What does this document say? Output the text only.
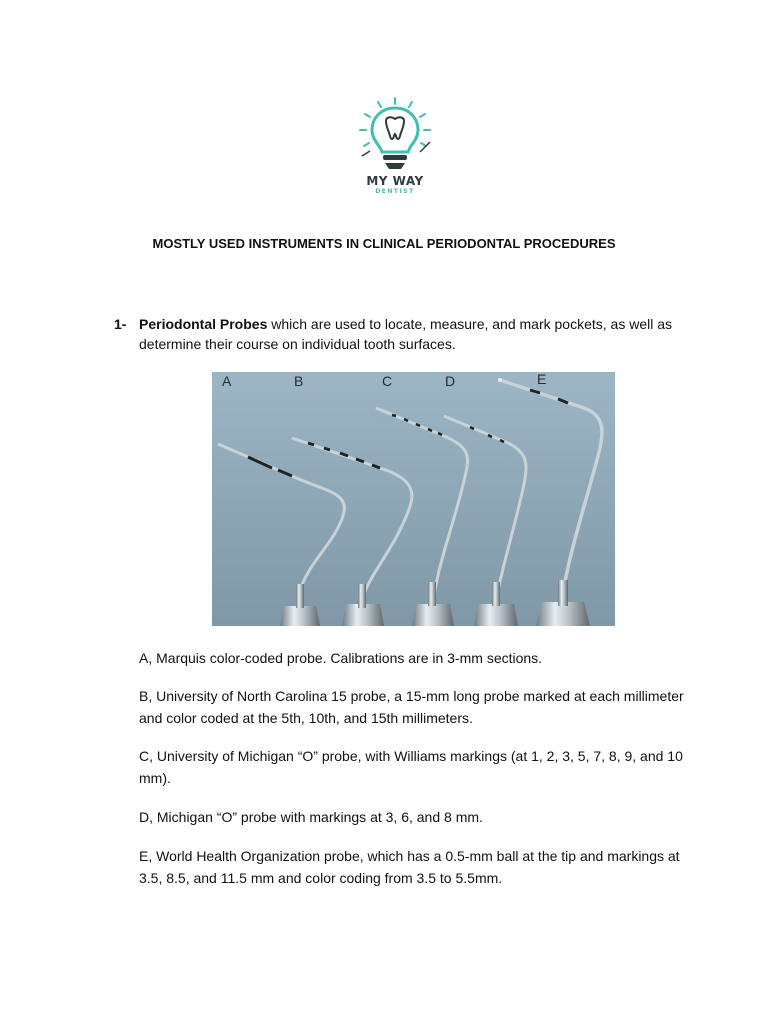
MY WAY
DENTIST
MOSTLY USED INSTRUMENTS IN CLINICAL PERIODONTAL PROCEDURES
1- Periodontal Probes which are used to locate, measure, and mark pockets, as well as determine their course on individual tooth surfaces.
A	B	C	D	E
A, Marquis color-coded probe. Calibrations are in 3-mm sections.
B, University of North Carolina 15 probe, a 15-mm long probe marked at each millimeter and color coded at the 5th, 10th, and 15th millimeters.
C, University of Michigan “O” probe, with Williams markings (at 1, 2, 3, 5, 7, 8, 9, and 10 mm).
D, Michigan “O” probe with markings at 3, 6, and 8 mm.
E, World Health Organization probe, which has a 0.5-mm ball at the tip and markings at 3.5, 8.5, and 11.5 mm and color coding from 3.5 to 5.5mm.
